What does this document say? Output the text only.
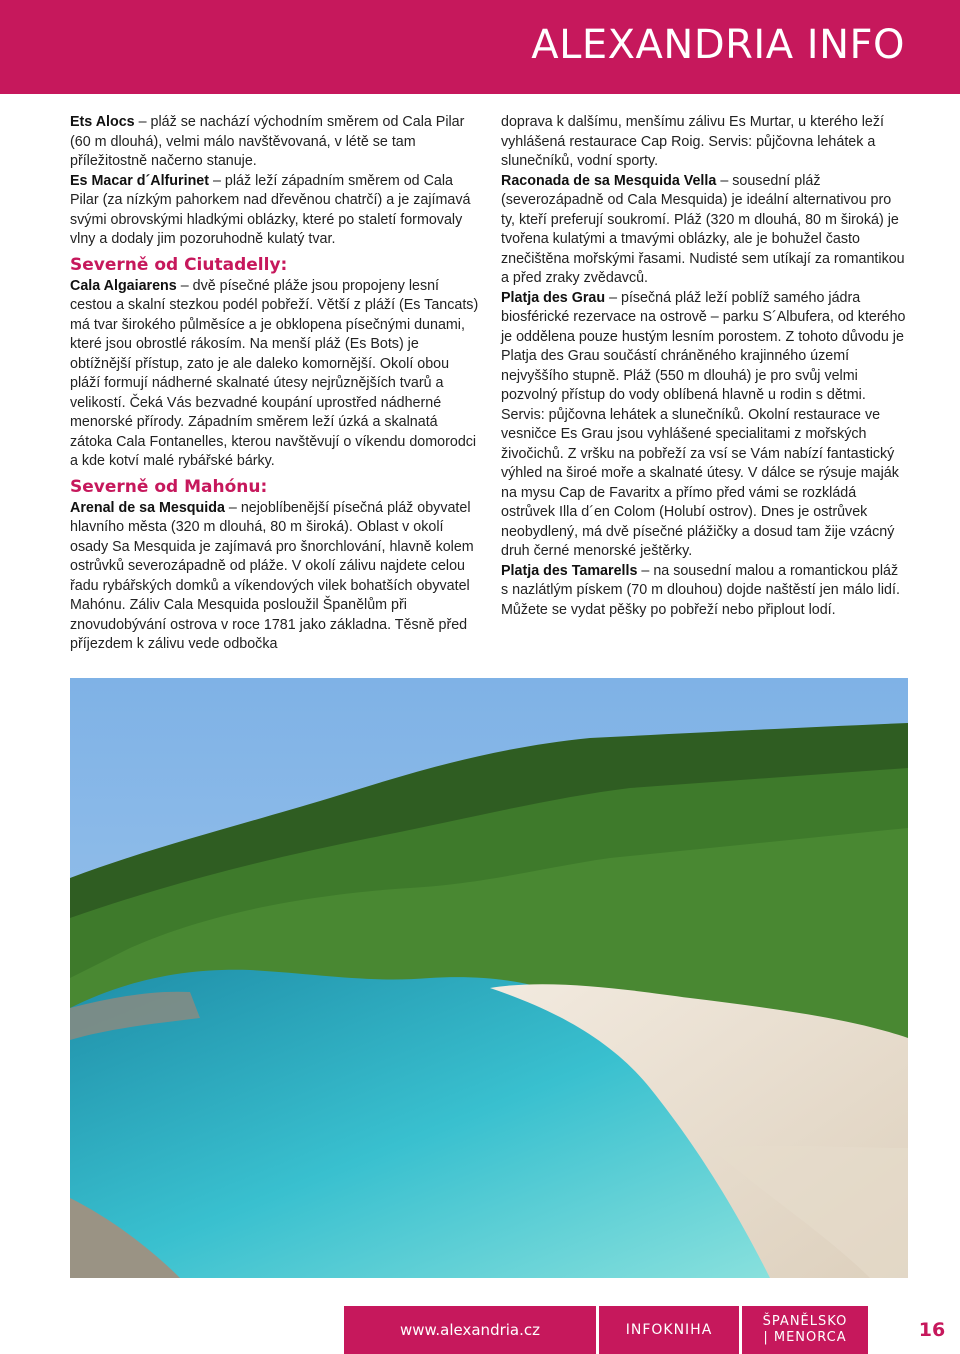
ALEXANDRIA INFO

Ets Alocs – pláž se nachází východním směrem od Cala Pilar (60 m dlouhá), velmi málo navštěvovaná, v létě se tam příležitostně načerno stanuje.

Es Macar d´Alfurinet – pláž leží západním směrem od Cala Pilar (za nízkým pahorkem nad dřevěnou chatrčí) a je zajímavá svými obrovskými hladkými oblázky, které po staletí formovaly vlny a dodaly jim pozoruhodně kulatý tvar.

Severně od Ciutadelly:

Cala Algaiarens – dvě písečné pláže jsou propojeny lesní cestou a skalní stezkou podél pobřeží. Větší z pláží (Es Tancats) má tvar širokého půlměsíce a je obklopena písečnými dunami, které jsou obrostlé rákosím. Na menší pláž (Es Bots) je obtížnější přístup, zato je ale daleko komornější. Okolí obou pláží formují nádherné skalnaté útesy nejrůznějších tvarů a velikostí. Čeká Vás bezvadné koupání uprostřed nádherné menorské přírody. Západním směrem leží úzká a skalnatá zátoka Cala Fontanelles, kterou navštěvují o víkendu domorodci a kde kotví malé rybářské bárky.

Severně od Mahónu:

Arenal de sa Mesquida – nejoblíbenější písečná pláž obyvatel hlavního města (320 m dlouhá, 80 m široká). Oblast v okolí osady Sa Mesquida je zajímavá pro šnorchlování, hlavně kolem ostrůvků severozápadně od pláže. V okolí zálivu najdete celou řadu rybářských domků a víkendových vilek bohatších obyvatel Mahónu. Záliv Cala Mesquida posloužil Španělům při znovudobývání ostrova v roce 1781 jako základna. Těsně před příjezdem k zálivu vede odbočka

doprava k dalšímu, menšímu zálivu Es Murtar, u kterého leží vyhlášená restaurace Cap Roig. Servis: půjčovna lehátek a slunečníků, vodní sporty.

Raconada de sa Mesquida Vella – sousední pláž (severozápadně od Cala Mesquida) je ideální alternativou pro ty, kteří preferují soukromí. Pláž (320 m dlouhá, 80 m široká) je tvořena kulatými a tmavými oblázky, ale je bohužel často znečištěna mořskými řasami. Nudisté sem utíkají za romantikou a před zraky zvědavců.

Platja des Grau – písečná pláž leží poblíž samého jádra biosférické rezervace na ostrově – parku S´Albufera, od kterého je oddělena pouze hustým lesním porostem. Z tohoto důvodu je Platja des Grau součástí chráněného krajinného území nejvyššího stupně. Pláž (550 m dlouhá) je pro svůj velmi pozvolný přístup do vody oblíbená hlavně u rodin s dětmi. Servis: půjčovna lehátek a slunečníků. Okolní restaurace ve vesničce Es Grau jsou vyhlášené specialitami z mořských živočichů. Z vršku na pobřeží za vsí se Vám nabízí fantastický výhled na široé moře a skalnaté útesy. V dálce se rýsuje maják na mysu Cap de Favaritx a přímo před vámi se rozkládá ostrůvek Illa d´en Colom (Holubí ostrov). Dnes je ostrůvek neobydlený, má dvě písečné plážičky a dosud tam žije vzácný druh černé menorské ještěrky.

Platja des Tamarells – na sousední malou a romantickou pláž s nazlátlým pískem (70 m dlouhou) dojde naštěstí jen málo lidí. Můžete se vydat pěšky po pobřeží nebo připlout lodí.

www.alexandria.cz	INFOKNIHA
ŠPANĚLSKO
| MENORCA	16
